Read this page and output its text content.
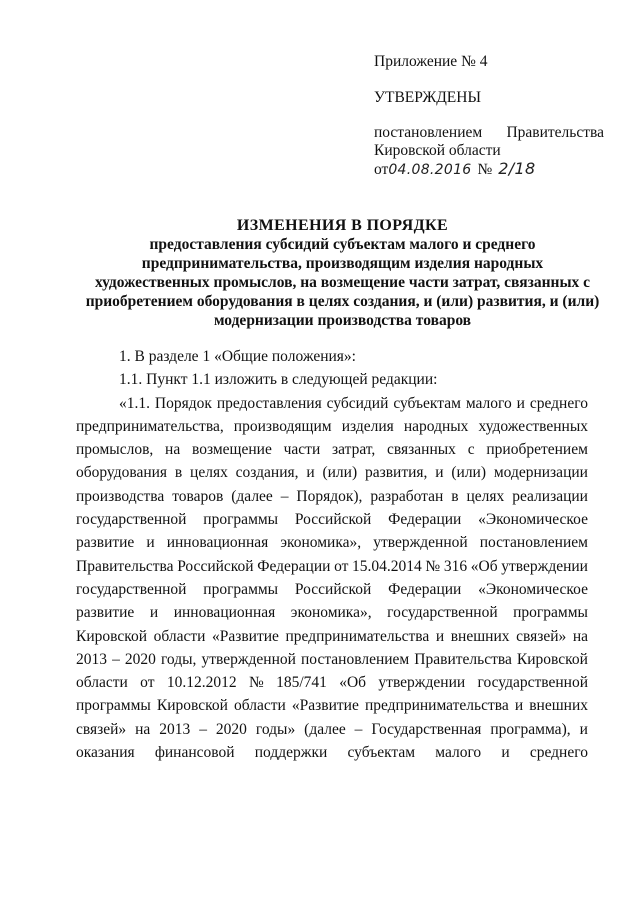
Приложение № 4
УТВЕРЖДЕНЫ
постановлением Правительства
Кировской области
от 04.08.2016 № 2/18
ИЗМЕНЕНИЯ В ПОРЯДКЕ
предоставления субсидий субъектам малого и среднего
предпринимательства, производящим изделия народных
художественных промыслов, на возмещение части затрат, связанных с
приобретением оборудования в целях создания, и (или) развития, и (или)
модернизации производства товаров

1. В разделе 1 «Общие положения»:

1.1. Пункт 1.1 изложить в следующей редакции:

«1.1. Порядок предоставления субсидий субъектам малого и среднего
предпринимательства, производящим изделия народных художественных
промыслов, на возмещение части затрат, связанных с приобретением
оборудования в целях создания, и (или) развития, и (или) модернизации
производства товаров (далее – Порядок), разработан в целях реализации
государственной программы Российской Федерации «Экономическое
развитие и инновационная экономика», утвержденной постановлением
Правительства Российской Федерации от 15.04.2014 № 316 «Об утверждении
государственной программы Российской Федерации «Экономическое
развитие и инновационная экономика», государственной программы
Кировской области «Развитие предпринимательства и внешних связей» на
2013 – 2020 годы, утвержденной постановлением Правительства Кировской
области от 10.12.2012 № 185/741 «Об утверждении государственной
программы Кировской области «Развитие предпринимательства и внешних
связей» на 2013 – 2020 годы» (далее – Государственная программа), и
оказания финансовой поддержки субъектам малого и среднего
